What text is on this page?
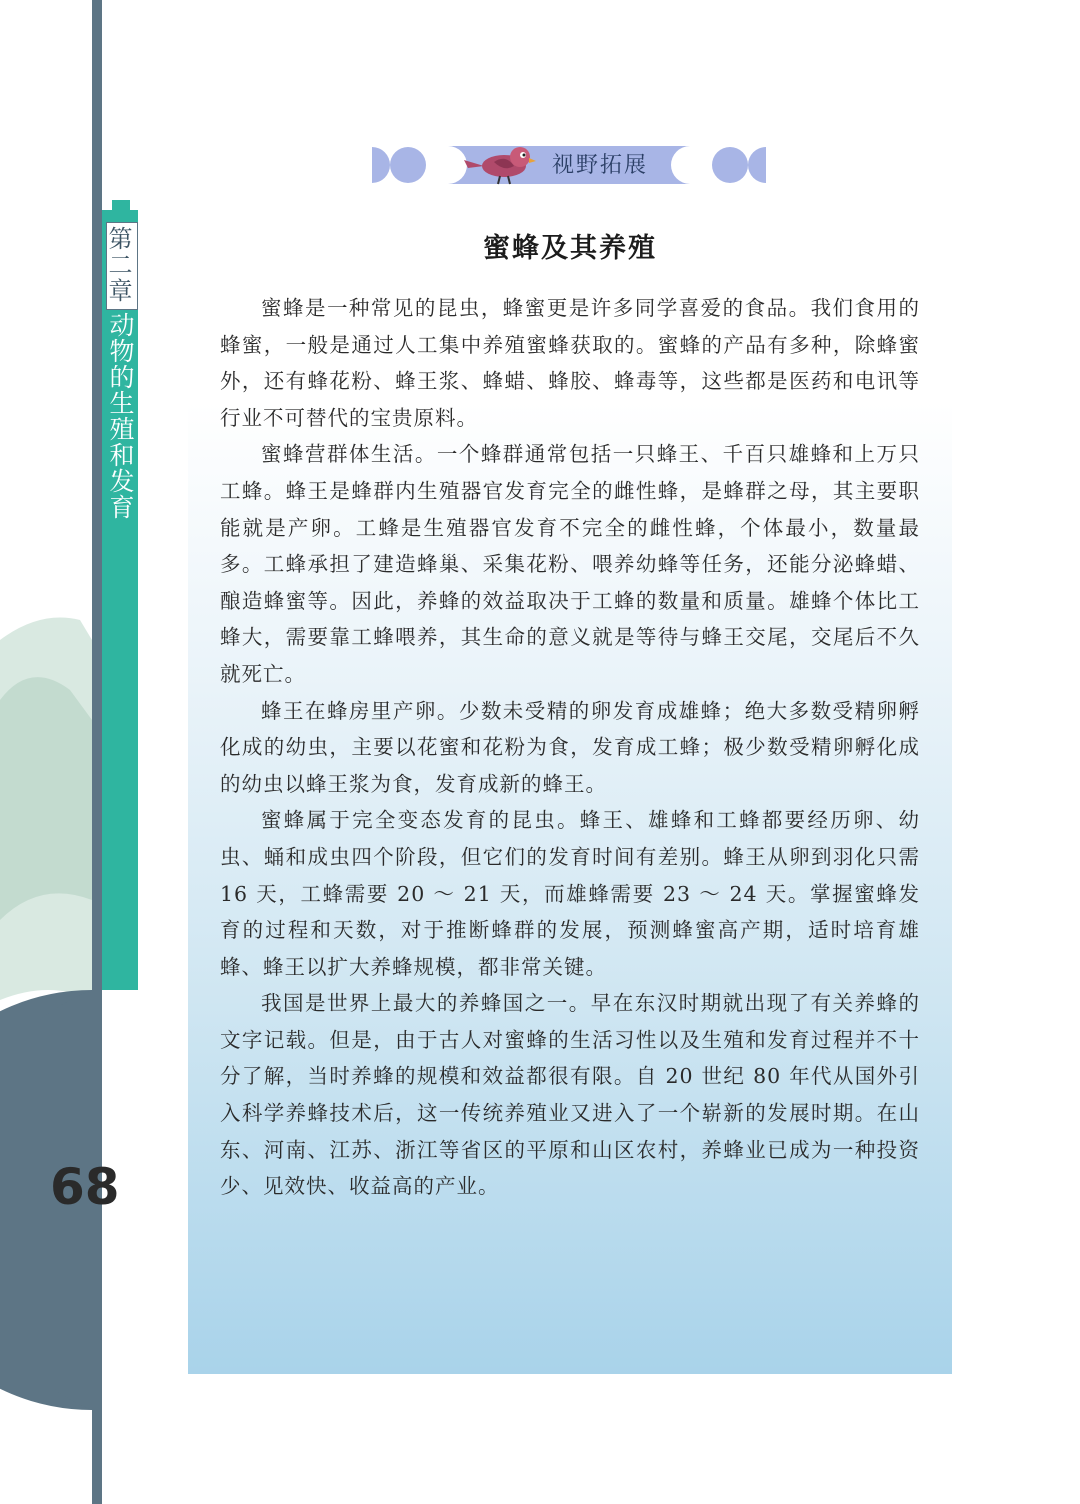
第二章
动物的生殖和发育
68
视野拓展
蜜蜂及其养殖

蜜蜂是一种常见的昆虫，蜂蜜更是许多同学喜爱的食品。我们食用的蜂蜜，一般是通过人工集中养殖蜜蜂获取的。蜜蜂的产品有多种，除蜂蜜外，还有蜂花粉、蜂王浆、蜂蜡、蜂胶、蜂毒等，这些都是医药和电讯等行业不可替代的宝贵原料。

蜜蜂营群体生活。一个蜂群通常包括一只蜂王、千百只雄蜂和上万只工蜂。蜂王是蜂群内生殖器官发育完全的雌性蜂，是蜂群之母，其主要职能就是产卵。工蜂是生殖器官发育不完全的雌性蜂，个体最小，数量最多。工蜂承担了建造蜂巢、采集花粉、喂养幼蜂等任务，还能分泌蜂蜡、酿造蜂蜜等。因此，养蜂的效益取决于工蜂的数量和质量。雄蜂个体比工蜂大，需要靠工蜂喂养，其生命的意义就是等待与蜂王交尾，交尾后不久就死亡。

蜂王在蜂房里产卵。少数未受精的卵发育成雄蜂；绝大多数受精卵孵化成的幼虫，主要以花蜜和花粉为食，发育成工蜂；极少数受精卵孵化成的幼虫以蜂王浆为食，发育成新的蜂王。

蜜蜂属于完全变态发育的昆虫。蜂王、雄蜂和工蜂都要经历卵、幼虫、蛹和成虫四个阶段，但它们的发育时间有差别。蜂王从卵到羽化只需 16 天，工蜂需要 20 ～ 21 天，而雄蜂需要 23 ～ 24 天。掌握蜜蜂发育的过程和天数，对于推断蜂群的发展，预测蜂蜜高产期，适时培育雄蜂、蜂王以扩大养蜂规模，都非常关键。

我国是世界上最大的养蜂国之一。早在东汉时期就出现了有关养蜂的文字记载。但是，由于古人对蜜蜂的生活习性以及生殖和发育过程并不十分了解，当时养蜂的规模和效益都很有限。自 20 世纪 80 年代从国外引入科学养蜂技术后，这一传统养殖业又进入了一个崭新的发展时期。在山东、河南、江苏、浙江等省区的平原和山区农村，养蜂业已成为一种投资少、见效快、收益高的产业。
